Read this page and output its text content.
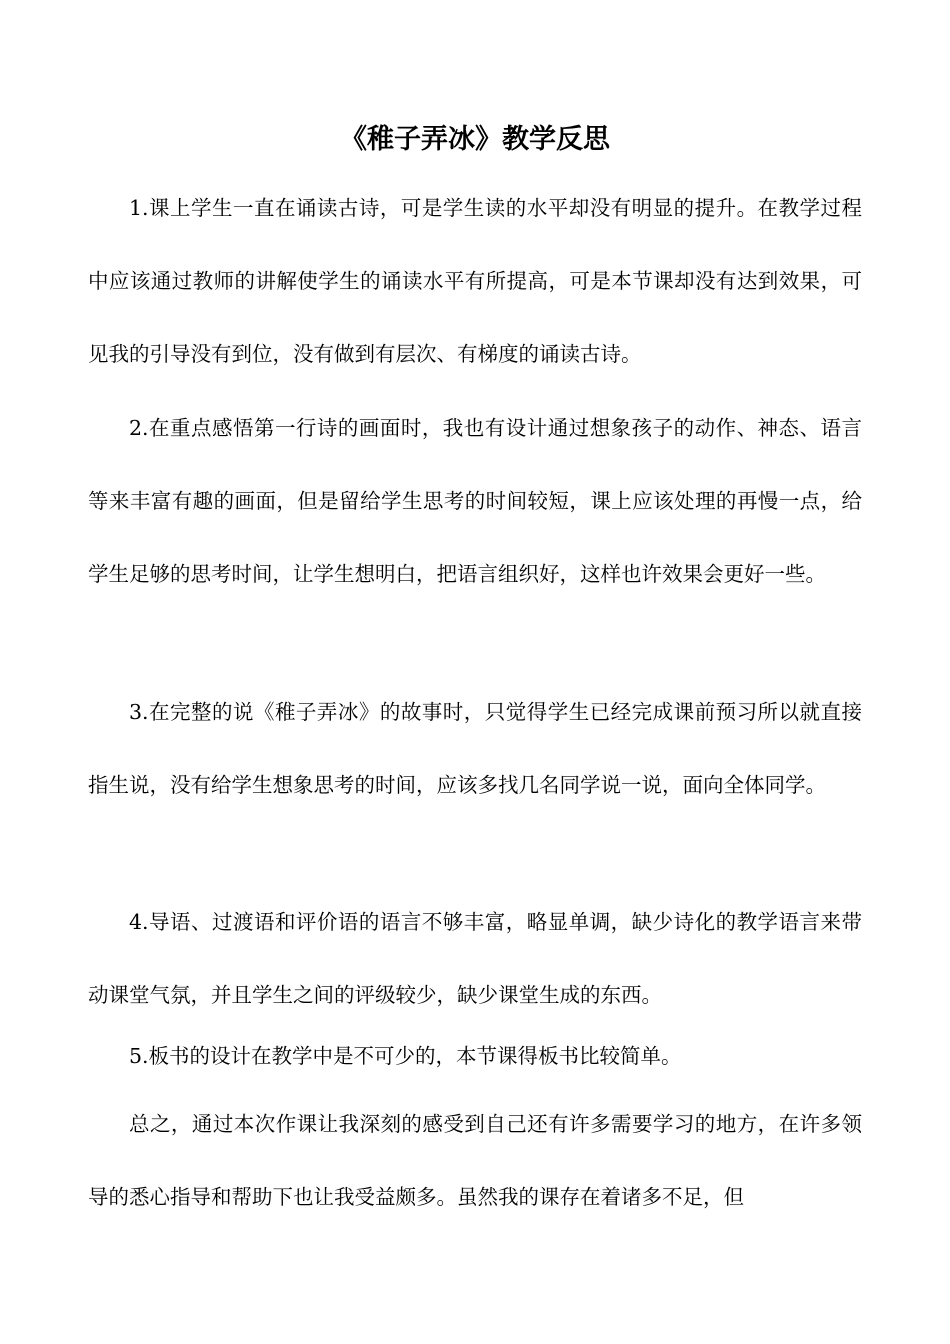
《稚子弄冰》教学反思

1.课上学生一直在诵读古诗，可是学生读的水平却没有明显的提升。在教学过程中应该通过教师的讲解使学生的诵读水平有所提高，可是本节课却没有达到效果，可见我的引导没有到位，没有做到有层次、有梯度的诵读古诗。

2.在重点感悟第一行诗的画面时，我也有设计通过想象孩子的动作、神态、语言等来丰富有趣的画面，但是留给学生思考的时间较短，课上应该处理的再慢一点，给学生足够的思考时间，让学生想明白，把语言组织好，这样也许效果会更好一些。

3.在完整的说《稚子弄冰》的故事时，只觉得学生已经完成课前预习所以就直接指生说，没有给学生想象思考的时间，应该多找几名同学说一说，面向全体同学。

4.导语、过渡语和评价语的语言不够丰富，略显单调，缺少诗化的教学语言来带动课堂气氛，并且学生之间的评级较少，缺少课堂生成的东西。

5.板书的设计在教学中是不可少的，本节课得板书比较简单。

总之，通过本次作课让我深刻的感受到自己还有许多需要学习的地方，在许多领导的悉心指导和帮助下也让我受益颇多。虽然我的课存在着诸多不足，但
